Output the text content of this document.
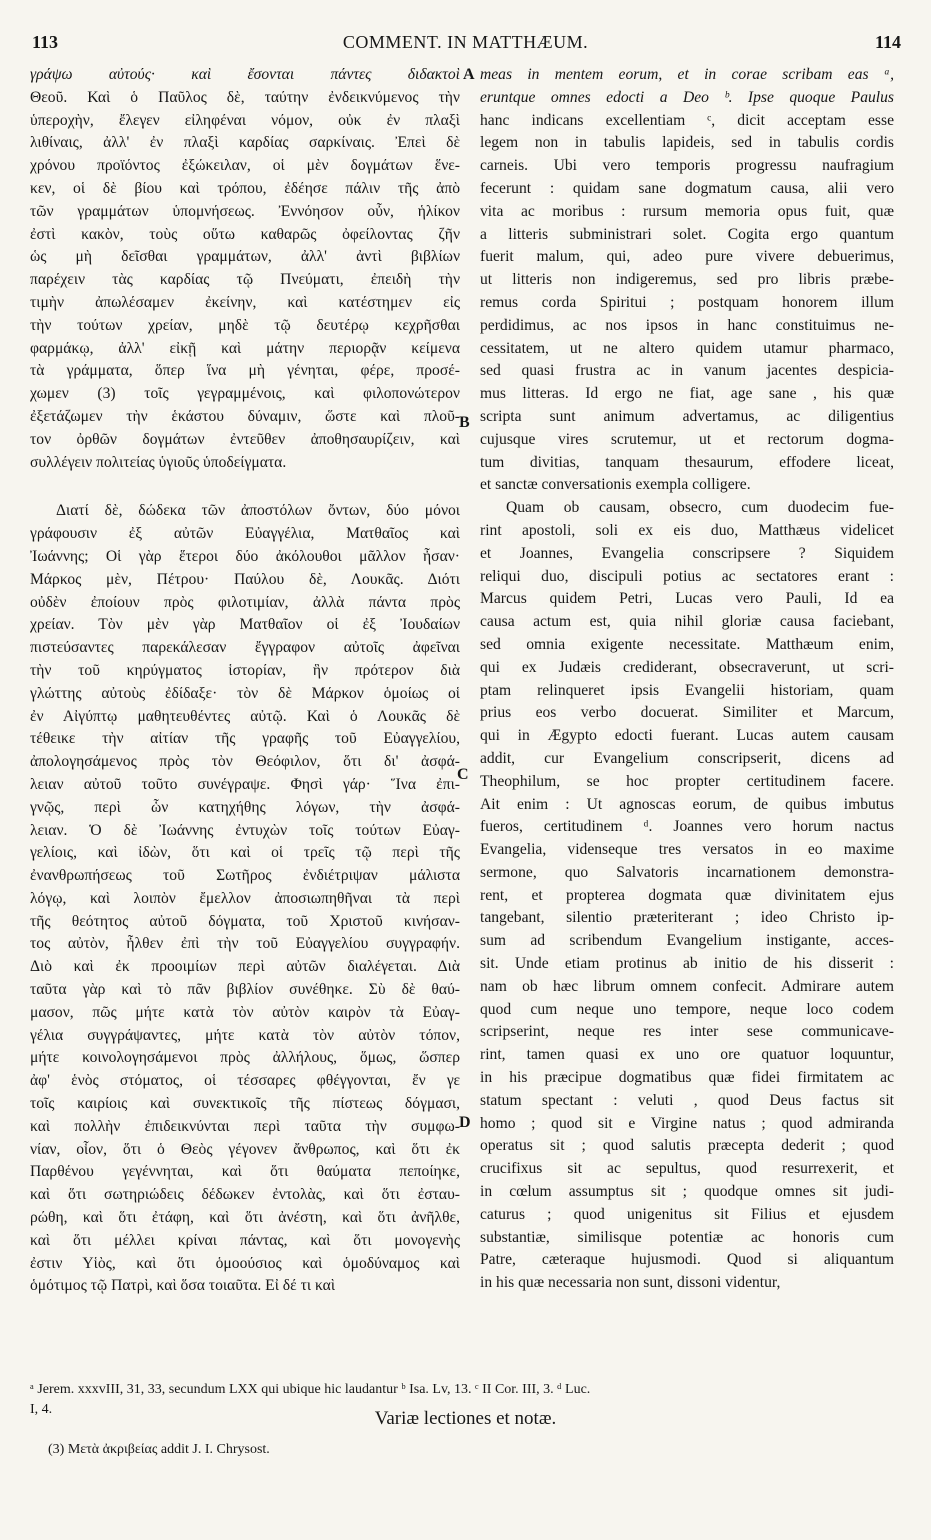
113	COMMENT. IN MATTHÆUM.	114
A
B
C
D
γράψω αὐτούς· καὶ ἔσονται πάντες διδακτοὶ
Θεοῦ. Καὶ ὁ Παῦλος δὲ, ταύτην ἐνδεικνύμενος τὴν
ὑπεροχὴν, ἔλεγεν εἰληφέναι νόμον, οὐκ ἐν πλαξὶ
λιθίναις, ἀλλ' ἐν πλαξὶ καρδίας σαρκίναις. Ἐπεὶ δὲ
χρόνου προϊόντος ἐξώκειλαν, οἱ μὲν δογμάτων ἕνε-
κεν, οἱ δὲ βίου καὶ τρόπου, ἐδέησε πάλιν τῆς ἀπὸ
τῶν γραμμάτων ὑπομνήσεως. Ἐννόησον οὖν, ἡλίκον
ἐστὶ κακὸν, τοὺς οὕτω καθαρῶς ὀφείλοντας ζῆν
ὡς μὴ δεῖσθαι γραμμάτων, ἀλλ' ἀντὶ βιβλίων
παρέχειν τὰς καρδίας τῷ Πνεύματι, ἐπειδὴ τὴν
τιμὴν ἀπωλέσαμεν ἐκείνην, καὶ κατέστημεν εἰς
τὴν τούτων χρείαν, μηδὲ τῷ δευτέρῳ κεχρῆσθαι
φαρμάκῳ, ἀλλ' εἰκῇ καὶ μάτην περιορᾷν κείμενα
τὰ γράμματα, ὅπερ ἵνα μὴ γένηται, φέρε, προσέ-
χωμεν (3) τοῖς γεγραμμένοις, καὶ φιλοπονώτερον
ἐξετάζωμεν τὴν ἑκάστου δύναμιν, ὥστε καὶ πλοῦ-
τον ὀρθῶν δογμάτων ἐντεῦθεν ἀποθησαυρίζειν, καὶ
συλλέγειν πολιτείας ὑγιοῦς ὑποδείγματα.
Διατί δὲ, δώδεκα τῶν ἀποστόλων ὄντων, δύο μόνοι
γράφουσιν ἐξ αὐτῶν Εὐαγγέλια, Ματθαῖος καὶ
Ἰωάννης; Οἱ γὰρ ἕτεροι δύο ἀκόλουθοι μᾶλλον ἦσαν·
Μάρκος μὲν, Πέτρου· Παύλου δὲ, Λουκᾶς. Διότι
οὐδὲν ἐποίουν πρὸς φιλοτιμίαν, ἀλλὰ πάντα πρὸς
χρείαν. Τὸν μὲν γὰρ Ματθαῖον οἱ ἐξ Ἰουδαίων
πιστεύσαντες παρεκάλεσαν ἔγγραφον αὐτοῖς ἀφεῖναι
τὴν τοῦ κηρύγματος ἱστορίαν, ἣν πρότερον διὰ
γλώττης αὐτοὺς ἐδίδαξε· τὸν δὲ Μάρκον ὁμοίως οἱ
ἐν Αἰγύπτῳ μαθητευθέντες αὐτῷ. Καὶ ὁ Λουκᾶς δὲ
τέθεικε τὴν αἰτίαν τῆς γραφῆς τοῦ Εὐαγγελίου,
ἀπολογησάμενος πρὸς τὸν Θεόφιλον, ὅτι δι' ἀσφά-
λειαν αὐτοῦ τοῦτο συνέγραψε. Φησὶ γάρ· Ἵνα ἐπι-
γνῷς, περὶ ὧν κατηχήθης λόγων, τὴν ἀσφά-
λειαν. Ὁ δὲ Ἰωάννης ἐντυχὼν τοῖς τούτων Εὐαγ-
γελίοις, καὶ ἰδὼν, ὅτι καὶ οἱ τρεῖς τῷ περὶ τῆς
ἐνανθρωπήσεως τοῦ Σωτῆρος ἐνδιέτριψαν μάλιστα
λόγῳ, καὶ λοιπὸν ἔμελλον ἀποσιωπηθῆναι τὰ περὶ
τῆς θεότητος αὐτοῦ δόγματα, τοῦ Χριστοῦ κινήσαν-
τος αὐτὸν, ἦλθεν ἐπὶ τὴν τοῦ Εὐαγγελίου συγγραφήν.
Διὸ καὶ ἐκ προοιμίων περὶ αὐτῶν διαλέγεται. Διὰ
ταῦτα γὰρ καὶ τὸ πᾶν βιβλίον συνέθηκε. Σὺ δὲ θαύ-
μασον, πῶς μήτε κατὰ τὸν αὐτὸν καιρὸν τὰ Εὐαγ-
γέλια συγγράψαντες, μήτε κατὰ τὸν αὐτὸν τόπον,
μήτε κοινολογησάμενοι πρὸς ἀλλήλους, ὅμως, ὥσπερ
ἀφ' ἑνὸς στόματος, οἱ τέσσαρες φθέγγονται, ἔν γε
τοῖς καιρίοις καὶ συνεκτικοῖς τῆς πίστεως δόγμασι,
καὶ πολλὴν ἐπιδεικνύνται περὶ ταῦτα τὴν συμφω-
νίαν, οἷον, ὅτι ὁ Θεὸς γέγονεν ἄνθρωπος, καὶ ὅτι ἐκ
Παρθένου γεγέννηται, καὶ ὅτι θαύματα πεποίηκε,
καὶ ὅτι σωτηριώδεις δέδωκεν ἐντολὰς, καὶ ὅτι ἐσταυ-
ρώθη, καὶ ὅτι ἐτάφη, καὶ ὅτι ἀνέστη, καὶ ὅτι ἀνῆλθε,
καὶ ὅτι μέλλει κρίναι πάντας, καὶ ὅτι μονογενὴς
ἐστιν Υἱὸς, καὶ ὅτι ὁμοούσιος καὶ ὁμοδύναμος καὶ
ὁμότιμος τῷ Πατρὶ, καὶ ὅσα τοιαῦτα. Εἰ δέ τι καὶ
meas in mentem eorum, et in corae scribam eas ᵃ,
eruntque omnes edocti a Deo ᵇ. Ipse quoque Paulus
hanc indicans excellentiam ᶜ, dicit acceptam esse
legem non in tabulis lapideis, sed in tabulis cordis
carneis. Ubi vero temporis progressu naufragium
fecerunt : quidam sane dogmatum causa, alii vero
vita ac moribus : rursum memoria opus fuit, quæ
a litteris subministrari solet. Cogita ergo quantum
fuerit malum, qui, adeo pure vivere debuerimus,
ut litteris non indigeremus, sed pro libris præbe-
remus corda Spiritui ; postquam honorem illum
perdidimus, ac nos ipsos in hanc constituimus ne-
cessitatem, ut ne altero quidem utamur pharmaco,
sed quasi frustra ac in vanum jacentes despicia-
mus litteras. Id ergo ne fiat, age sane , his quæ
scripta sunt animum advertamus, ac diligentius
cujusque vires scrutemur, ut et rectorum dogma-
tum divitias, tanquam thesaurum, effodere liceat,
et sanctæ conversationis exempla colligere.
Quam ob causam, obsecro, cum duodecim fue-
rint apostoli, soli ex eis duo, Matthæus videlicet
et Joannes, Evangelia conscripsere ? Siquidem
reliqui duo, discipuli potius ac sectatores erant :
Marcus quidem Petri, Lucas vero Pauli, Id ea
causa actum est, quia nihil gloriæ causa faciebant,
sed omnia exigente necessitate. Matthæum enim,
qui ex Judæis crediderant, obsecraverunt, ut scri-
ptam relinqueret ipsis Evangelii historiam, quam
prius eos verbo docuerat. Similiter et Marcum,
qui in Ægypto edocti fuerant. Lucas autem causam
addit, cur Evangelium conscripserit, dicens ad
Theophilum, se hoc propter certitudinem facere.
Ait enim : Ut agnoscas eorum, de quibus imbutus
fueros, certitudinem ᵈ. Joannes vero horum nactus
Evangelia, videnseque tres versatos in eo maxime
sermone, quo Salvatoris incarnationem demonstra-
rent, et propterea dogmata quæ divinitatem ejus
tangebant, silentio præteriterant ; ideo Christo ip-
sum ad scribendum Evangelium instigante, acces-
sit. Unde etiam protinus ab initio de his disserit :
nam ob hæc librum omnem confecit. Admirare autem
quod cum neque uno tempore, neque loco codem
scripserint, neque res inter sese communicave-
rint, tamen quasi ex uno ore quatuor loquuntur,
in his præcipue dogmatibus quæ fidei firmitatem ac
statum spectant : veluti , quod Deus factus sit
homo ; quod sit e Virgine natus ; quod admiranda
operatus sit ; quod salutis præcepta dederit ; quod
crucifixus sit ac sepultus, quod resurrexerit, et
in cœlum assumptus sit ; quodque omnes sit judi-
caturus ; quod unigenitus sit Filius et ejusdem
substantiæ, similisque potentiæ ac honoris cum
Patre, cæteraque hujusmodi. Quod si aliquantum
in his quæ necessaria non sunt, dissoni videntur,
ᵃ Jerem. xxxvIII, 31, 33, secundum LXX qui ubique hic laudantur ᵇ Isa. Lv, 13. ᶜ II Cor. III, 3. ᵈ Luc.
I, 4.	Variæ lectiones et notæ.
(3) Μετὰ ἀκριβείας addit J. I. Chrysost.
